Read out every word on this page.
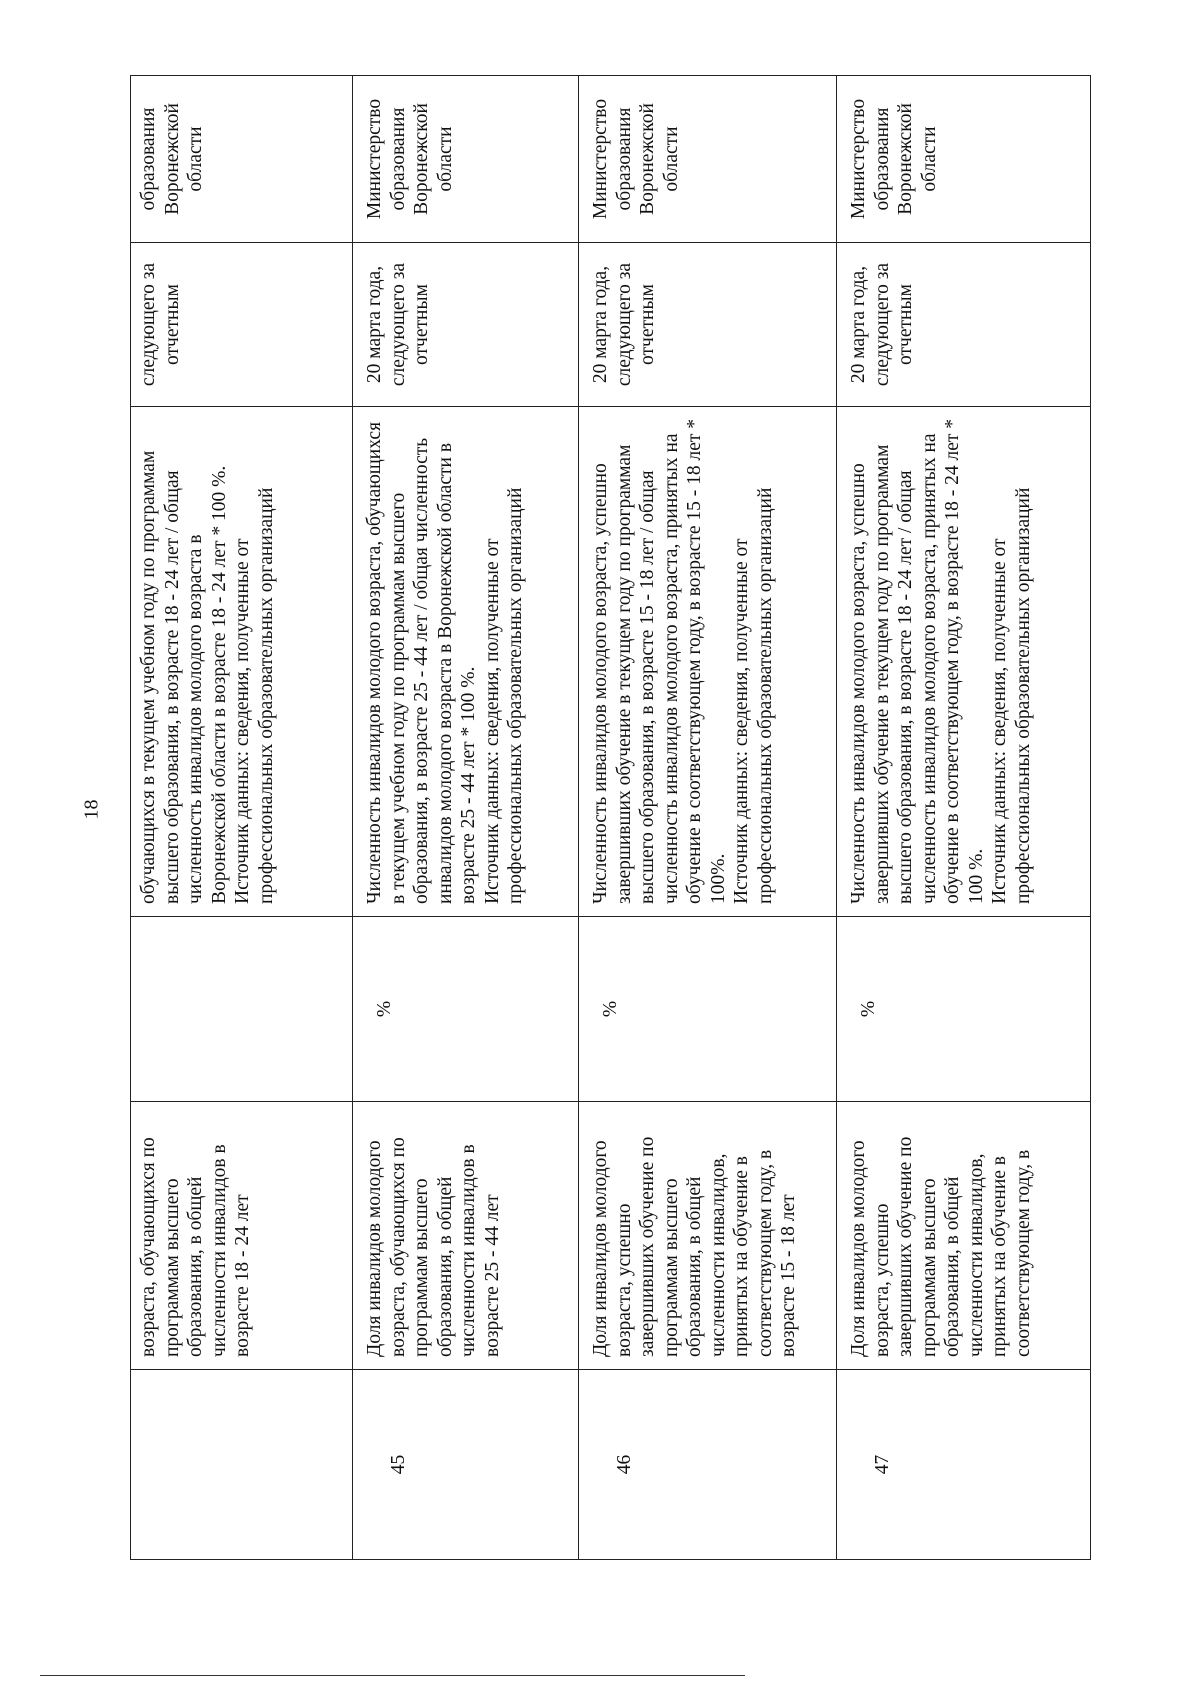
18
	возраста, обучающихся по программам высшего образования, в общей численности инвалидов в возрасте 18 - 24 лет		обучающихся в текущем учебном году по программам высшего образования, в возрасте 18 - 24 лет / общая численность инвалидов молодого возраста в Воронежской области в возрасте 18 - 24 лет * 100 %.
Источник данных: сведения, полученные от профессиональных образовательных организаций	следующего за отчетным	образования Воронежской области
45	Доля инвалидов молодого возраста, обучающихся по программам высшего образования, в общей численности инвалидов в возрасте 25 - 44 лет	%	Численность инвалидов молодого возраста, обучающихся в текущем учебном году по программам высшего образования, в возрасте 25 - 44 лет / общая численность инвалидов молодого возраста в Воронежской области в возрасте 25 - 44 лет * 100 %.
Источник данных: сведения, полученные от профессиональных образовательных организаций	20 марта года, следующего за отчетным	Министерство образования Воронежской области
46	Доля инвалидов молодого возраста, успешно завершивших обучение по программам высшего образования, в общей численности инвалидов, принятых на обучение в соответствующем году, в возрасте 15 - 18 лет	%	Численность инвалидов молодого возраста, успешно завершивших обучение в текущем году по программам высшего образования, в возрасте 15 - 18 лет / общая численность инвалидов молодого возраста, принятых на обучение в соответствующем году, в возрасте 15 - 18 лет * 100%.
Источник данных: сведения, полученные от профессиональных образовательных организаций	20 марта года, следующего за отчетным	Министерство образования Воронежской области
47	Доля инвалидов молодого возраста, успешно завершивших обучение по программам высшего образования, в общей численности инвалидов, принятых на обучение в соответствующем году, в	%	Численность инвалидов молодого возраста, успешно завершивших обучение в текущем году по программам высшего образования, в возрасте 18 - 24 лет / общая численность инвалидов молодого возраста, принятых на обучение в соответствующем году, в возрасте 18 - 24 лет * 100 %.
Источник данных: сведения, полученные от профессиональных образовательных организаций	20 марта года, следующего за отчетным	Министерство образования Воронежской области
